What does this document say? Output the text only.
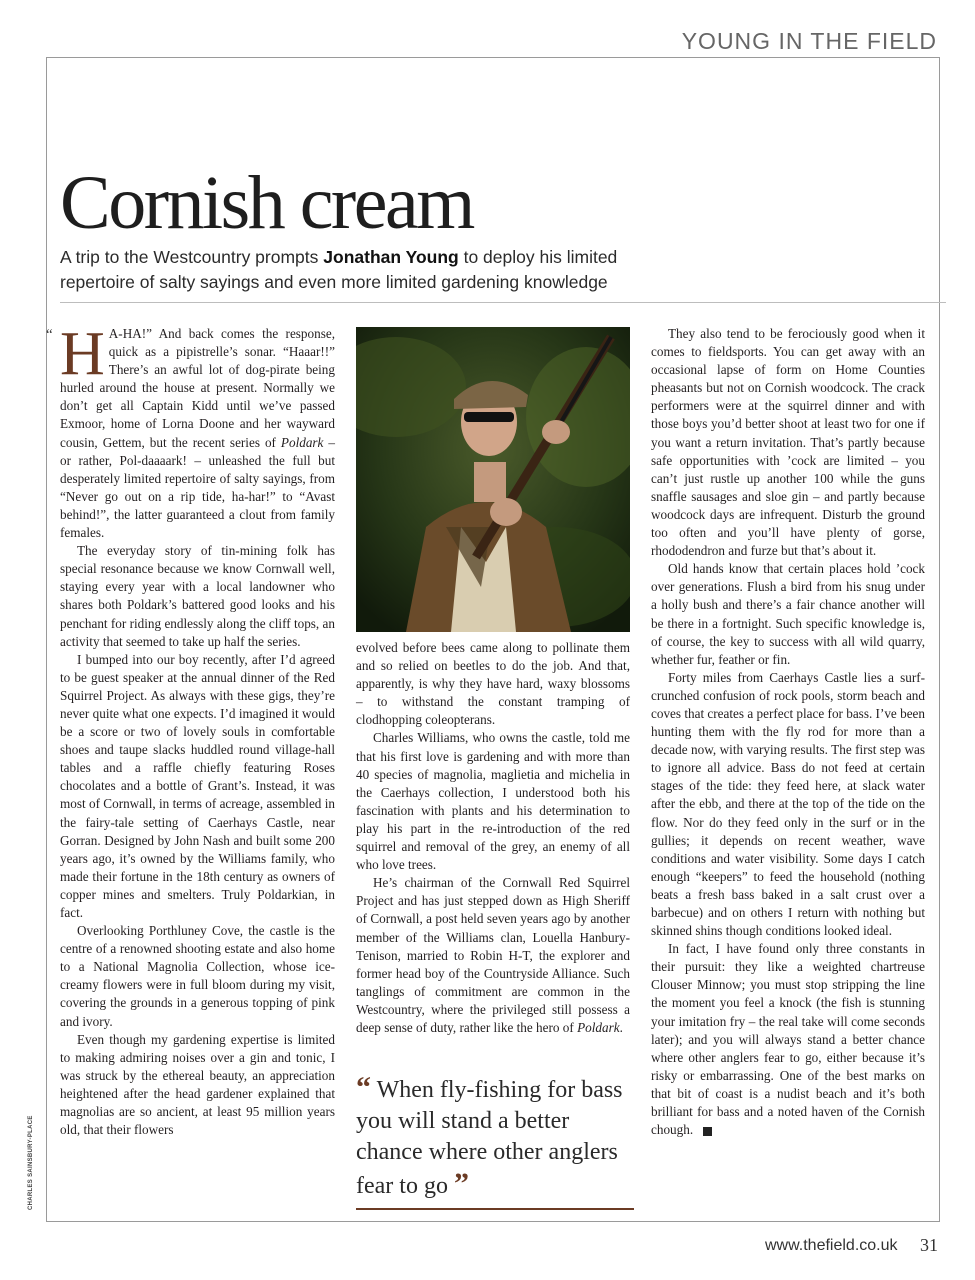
YOUNG IN THE FIELD
Cornish cream

A trip to the Westcountry prompts Jonathan Young to deploy his limited repertoire of salty sayings and even more limited gardening knowledge

“ H A-HA!” And back comes the response, quick as a pipistrelle’s sonar. “Haaar!!” There’s an awful lot of dog-pirate being hurled around the house at present. Normally we don’t get all Captain Kidd until we’ve passed Exmoor, home of Lorna Doone and her wayward cousin, Gettem, but the recent series of Poldark – or rather, Pol-daaaark! – unleashed the full but desperately limited repertoire of salty sayings, from “Never go out on a rip tide, ha-har!” to “Avast behind!”, the latter guaranteed a clout from family females.

The everyday story of tin-mining folk has special resonance because we know Cornwall well, staying every year with a local landowner who shares both Poldark’s battered good looks and his penchant for riding endlessly along the cliff tops, an activity that seemed to take up half the series.

I bumped into our boy recently, after I’d agreed to be guest speaker at the annual dinner of the Red Squirrel Project. As always with these gigs, they’re never quite what one expects. I’d imagined it would be a score or two of lovely souls in comfortable shoes and taupe slacks huddled round village-hall tables and a raffle chiefly featuring Roses chocolates and a bottle of Grant’s. Instead, it was most of Cornwall, in terms of acreage, assembled in the fairy-tale setting of Caerhays Castle, near Gorran. Designed by John Nash and built some 200 years ago, it’s owned by the Williams family, who made their fortune in the 18th century as owners of copper mines and smelters. Truly Poldarkian, in fact.

Overlooking Porthluney Cove, the castle is the centre of a renowned shooting estate and also home to a National Magnolia Collection, whose ice-creamy flowers were in full bloom during my visit, covering the grounds in a generous topping of pink and ivory.

Even though my gardening expertise is limited to making admiring noises over a gin and tonic, I was struck by the ethereal beauty, an appreciation heightened after the head gardener explained that magnolias are so ancient, at least 95 million years old, that their flowers

evolved before bees came along to pollinate them and so relied on beetles to do the job. And that, apparently, is why they have hard, waxy blossoms – to withstand the constant tramping of clodhopping coleopterans.

Charles Williams, who owns the castle, told me that his first love is gardening and with more than 40 species of magnolia, maglietia and michelia in the Caerhays collection, I understood both his fascination with plants and his determination to play his part in the re-introduction of the red squirrel and removal of the grey, an enemy of all who love trees.

He’s chairman of the Cornwall Red Squirrel Project and has just stepped down as High Sheriff of Cornwall, a post held seven years ago by another member of the Williams clan, Louella Hanbury-Tenison, married to Robin H-T, the explorer and former head boy of the Countryside Alliance. Such tanglings of commitment are common in the Westcountry, where the privileged still possess a deep sense of duty, rather like the hero of Poldark.

“ When fly-fishing for bass you will stand a better chance where other anglers fear to go ”

They also tend to be ferociously good when it comes to fieldsports. You can get away with an occasional lapse of form on Home Counties pheasants but not on Cornish woodcock. The crack performers were at the squirrel dinner and with those boys you’d better shoot at least two for one if you want a return invitation. That’s partly because safe opportunities with ’cock are limited – you can’t just rustle up another 100 while the guns snaffle sausages and sloe gin – and partly because woodcock days are infrequent. Disturb the ground too often and you’ll have plenty of gorse, rhododendron and furze but that’s about it.

Old hands know that certain places hold ’cock over generations. Flush a bird from his snug under a holly bush and there’s a fair chance another will be there in a fortnight. Such specific knowledge is, of course, the key to success with all wild quarry, whether fur, feather or fin.

Forty miles from Caerhays Castle lies a surf-crunched confusion of rock pools, storm beach and coves that creates a perfect place for bass. I’ve been hunting them with the fly rod for more than a decade now, with varying results. The first step was to ignore all advice. Bass do not feed at certain stages of the tide: they feed here, at slack water after the ebb, and there at the top of the tide on the flow. Nor do they feed only in the surf or in the gullies; it depends on recent weather, wave conditions and water visibility. Some days I catch enough “keepers” to feed the household (nothing beats a fresh bass baked in a salt crust over a barbecue) and on others I return with nothing but skinned shins though conditions looked ideal.

In fact, I have found only three constants in their pursuit: they like a weighted chartreuse Clouser Minnow; you must stop stripping the line the moment you feel a knock (the fish is stunning your imitation fry – the real take will come seconds later); and you will always stand a better chance where other anglers fear to go, either because it’s risky or embarrassing. One of the best marks on that bit of coast is a nudist beach and it’s both brilliant for bass and a noted haven of the Cornish chough.

CHARLES SAINSBURY-PLACE
www.thefield.co.uk 31
